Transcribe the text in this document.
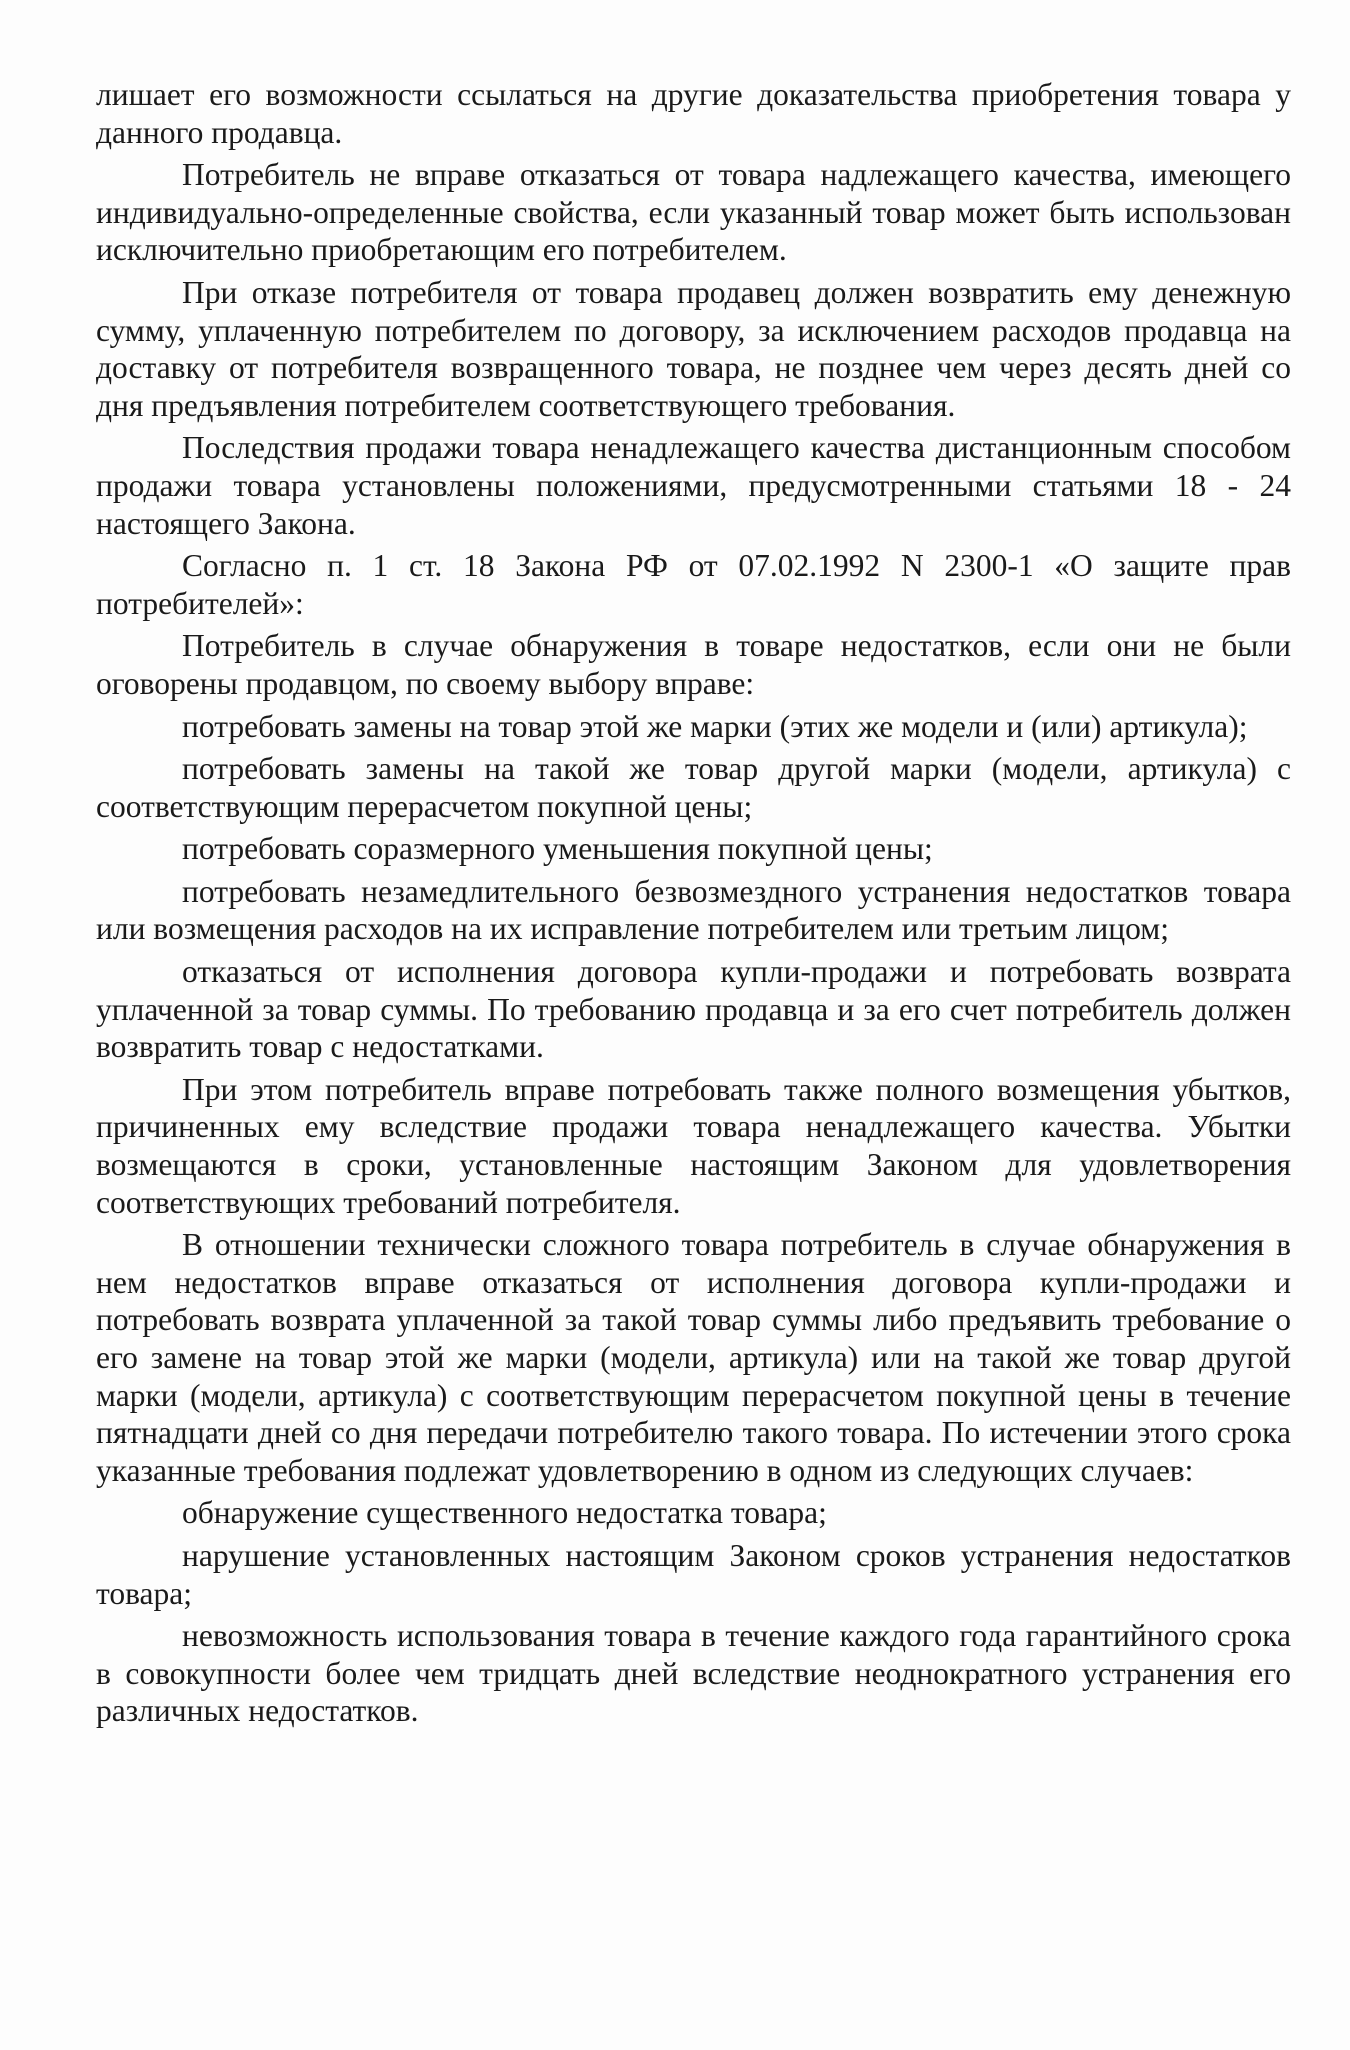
лишает его возможности ссылаться на другие доказательства приобретения товара у данного продавца.

Потребитель не вправе отказаться от товара надлежащего качества, имеющего индивидуально-определенные свойства, если указанный товар может быть использован исключительно приобретающим его потребителем.

При отказе потребителя от товара продавец должен возвратить ему денежную сумму, уплаченную потребителем по договору, за исключением расходов продавца на доставку от потребителя возвращенного товара, не позднее чем через десять дней со дня предъявления потребителем соответствующего требования.

Последствия продажи товара ненадлежащего качества дистанционным способом продажи товара установлены положениями, предусмотренными статьями 18 - 24 настоящего Закона.

Согласно п. 1 ст. 18 Закона РФ от 07.02.1992 N 2300-1 «О защите прав потребителей»:

Потребитель в случае обнаружения в товаре недостатков, если они не были оговорены продавцом, по своему выбору вправе:

потребовать замены на товар этой же марки (этих же модели и (или) артикула);

потребовать замены на такой же товар другой марки (модели, артикула) с соответствующим перерасчетом покупной цены;

потребовать соразмерного уменьшения покупной цены;

потребовать незамедлительного безвозмездного устранения недостатков товара или возмещения расходов на их исправление потребителем или третьим лицом;

отказаться от исполнения договора купли-продажи и потребовать возврата уплаченной за товар суммы. По требованию продавца и за его счет потребитель должен возвратить товар с недостатками.

При этом потребитель вправе потребовать также полного возмещения убытков, причиненных ему вследствие продажи товара ненадлежащего качества. Убытки возмещаются в сроки, установленные настоящим Законом для удовлетворения соответствующих требований потребителя.

В отношении технически сложного товара потребитель в случае обнаружения в нем недостатков вправе отказаться от исполнения договора купли-продажи и потребовать возврата уплаченной за такой товар суммы либо предъявить требование о его замене на товар этой же марки (модели, артикула) или на такой же товар другой марки (модели, артикула) с соответствующим перерасчетом покупной цены в течение пятнадцати дней со дня передачи потребителю такого товара. По истечении этого срока указанные требования подлежат удовлетворению в одном из следующих случаев:

обнаружение существенного недостатка товара;

нарушение установленных настоящим Законом сроков устранения недостатков товара;

невозможность использования товара в течение каждого года гарантийного срока в совокупности более чем тридцать дней вследствие неоднократного устранения его различных недостатков.
